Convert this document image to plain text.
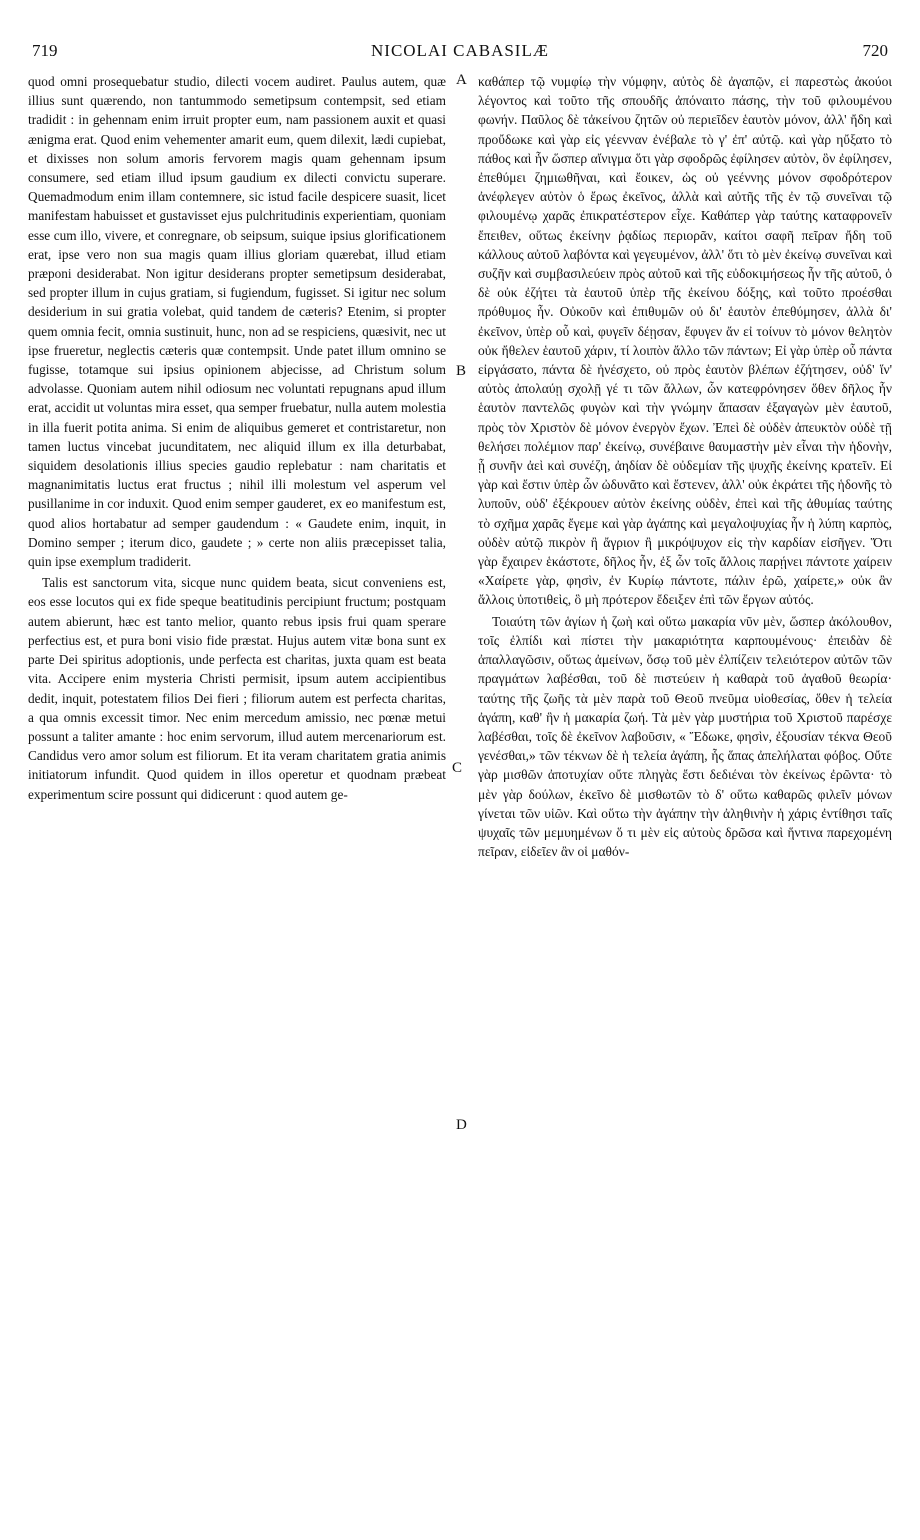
719	NICOLAI CABASILÆ	720

quod omni prosequebatur studio, dilecti vocem audiret. Paulus autem, quæ illius sunt quærendo, non tantummodo semetipsum contempsit, sed etiam tradidit : in gehennam enim irruit propter eum, nam passionem auxit et quasi ænigma erat. Quod enim vehementer amarit eum, quem dilexit, lædi cupiebat, et dixisses non solum amoris fervorem magis quam gehennam ipsum consumere, sed etiam illud ipsum gaudium ex dilecti convictu superare. Quemadmodum enim illam contemnere, sic istud facile despicere suasit, licet manifestam habuisset et gustavisset ejus pulchritudinis experientiam, quoniam esse cum illo, vivere, et conregnare, ob seipsum, suique ipsius glorificationem erat, ipse vero non sua magis quam illius gloriam quærebat, illud etiam præponi desiderabat. Non igitur desiderans propter semetipsum desiderabat, sed propter illum in cujus gratiam, si fugiendum, fugisset. Si igitur nec solum desiderium in sui gratia volebat, quid tandem de cæteris? Etenim, si propter quem omnia fecit, omnia sustinuit, hunc, non ad se respiciens, quæsivit, nec ut ipse frueretur, neglectis cæteris quæ contempsit. Unde patet illum omnino se fugisse, totamque sui ipsius opinionem abjecisse, ad Christum solum advolasse. Quoniam autem nihil odiosum nec voluntati repugnans apud illum erat, accidit ut voluntas mira esset, qua semper fruebatur, nulla autem molestia in illa fuerit potita anima. Si enim de aliquibus gemeret et contristaretur, non tamen luctus vincebat jucunditatem, nec aliquid illum ex illa deturbabat, siquidem desolationis illius species gaudio replebatur : nam charitatis et magnanimitatis luctus erat fructus ; nihil illi molestum vel asperum vel pusillanime in cor induxit. Quod enim semper gauderet, ex eo manifestum est, quod alios hortabatur ad semper gaudendum : « Gaudete enim, inquit, in Domino semper ; iterum dico, gaudete ; » certe non aliis præcepisset talia, quin ipse exemplum tradiderit.

Talis est sanctorum vita, sicque nunc quidem beata, sicut conveniens est, eos esse locutos qui ex fide speque beatitudinis percipiunt fructum; postquam autem abierunt, hæc est tanto melior, quanto rebus ipsis frui quam sperare perfectius est, et pura boni visio fide præstat. Hujus autem vitæ bona sunt ex parte Dei spiritus adoptionis, unde perfecta est charitas, juxta quam est beata vita. Accipere enim mysteria Christi permisit, ipsum autem accipientibus dedit, inquit, potestatem filios Dei fieri ; filiorum autem est perfecta charitas, a qua omnis excessit timor. Nec enim mercedum amissio, nec pœnæ metui possunt a taliter amante : hoc enim servorum, illud autem mercenariorum est. Candidus vero amor solum est filiorum. Et ita veram charitatem gratia animis initiatorum infundit. Quod quidem in illos operetur et quodnam præbeat experimentum scire possunt qui didicerunt : quod autem ge-

A
B
C
D

καθάπερ τῷ νυμφίῳ τὴν νύμφην, αὐτὸς δὲ ἀγαπῷν, εἰ παρεστὼς ἀκούοι λέγοντος καὶ τοῦτο τῆς σπουδῆς ἀπόναιτο πάσης, τὴν τοῦ φιλουμένου φωνήν. Παῦλος δὲ τἀκείνου ζητῶν οὐ περιεῖδεν ἑαυτὸν μόνον, ἀλλ' ἤδη καὶ προὔδωκε καὶ γὰρ εἰς γέενναν ἐνέβαλε τὸ γ' ἐπ' αὐτῷ. καὶ γὰρ ηὔξατο τὸ πάθος καὶ ἦν ὥσπερ αἴνιγμα ὅτι γὰρ σφοδρῶς ἐφίλησεν αὐτὸν, ὃν ἐφίλησεν, ἐπεθύμει ζημιωθῆναι, καὶ ἔοικεν, ὡς οὐ γεέννης μόνον σφοδρότερον ἀνέφλεγεν αὐτὸν ὁ ἔρως ἐκεῖνος, ἀλλὰ καὶ αὐτῆς τῆς ἐν τῷ συνεῖναι τῷ φιλουμένῳ χαρᾶς ἐπικρατέστερον εἶχε. Καθάπερ γὰρ ταύτης καταφρονεῖν ἔπειθεν, οὕτως ἐκείνην ῥᾳδίως περιορᾶν, καίτοι σαφῆ πεῖραν ἤδη τοῦ κάλλους αὐτοῦ λαβόντα καὶ γεγευμένον, ἀλλ' ὅτι τὸ μὲν ἐκείνῳ συνεῖναι καὶ συζῆν καὶ συμβασιλεύειν πρὸς αὐτοῦ καὶ τῆς εὐδοκιμήσεως ἦν τῆς αὐτοῦ, ὁ δὲ οὐκ ἐζήτει τὰ ἑαυτοῦ ὑπὲρ τῆς ἐκείνου δόξης, καὶ τοῦτο προέσθαι πρόθυμος ἦν. Οὐκοῦν καὶ ἐπιθυμῶν οὐ δι' ἑαυτὸν ἐπεθύμησεν, ἀλλὰ δι' ἐκεῖνον, ὑπὲρ οὗ καὶ, φυγεῖν δέῃσαν, ἔφυγεν ἄν εἰ τοίνυν τὸ μόνον θελητὸν οὐκ ἤθελεν ἑαυτοῦ χάριν, τί λοιπὸν ἄλλο τῶν πάντων; Εἰ γὰρ ὑπὲρ οὗ πάντα εἰργάσατο, πάντα δὲ ἠνέσχετο, οὐ πρὸς ἑαυτὸν βλέπων ἐζήτησεν, οὐδ' ἵν' αὐτὸς ἀπολαύῃ σχολῇ γέ τι τῶν ἄλλων, ὧν κατεφρόνησεν ὅθεν δῆλος ἦν ἑαυτὸν παντελῶς φυγὼν καὶ τὴν γνώμην ἅπασαν ἐξαγαγὼν μὲν ἑαυτοῦ, πρὸς τὸν Χριστὸν δὲ μόνον ἐνεργὸν ἔχων. Ἐπεὶ δὲ οὐδὲν ἀπευκτὸν οὐδὲ τῇ θελήσει πολέμιον παρ' ἐκείνῳ, συνέβαινε θαυμαστὴν μὲν εἶναι τὴν ἡδονὴν, ᾗ συνῆν ἀεὶ καὶ συνέζη, ἀηδίαν δὲ οὐδεμίαν τῆς ψυχῆς ἐκείνης κρατεῖν. Εἰ γὰρ καὶ ἔστιν ὑπὲρ ὧν ὠδυνᾶτο καὶ ἔστενεν, ἀλλ' οὐκ ἐκράτει τῆς ἡδονῆς τὸ λυποῦν, οὐδ' ἐξέκρουεν αὐτὸν ἐκείνης οὐδὲν, ἐπεὶ καὶ τῆς ἀθυμίας ταύτης τὸ σχῆμα χαρᾶς ἔγεμε καὶ γὰρ ἀγάπης καὶ μεγαλοψυχίας ἦν ἡ λύπη καρπὸς, οὐδὲν αὐτῷ πικρὸν ἢ ἄγριον ἢ μικρόψυχον εἰς τὴν καρδίαν εἰσῆγεν. Ὅτι γὰρ ἔχαιρεν ἑκάστοτε, δῆλος ἦν, ἐξ ὧν τοῖς ἄλλοις παρῄνει πάντοτε χαίρειν «Χαίρετε γὰρ, φησὶν, ἐν Κυρίῳ πάντοτε, πάλιν ἐρῶ, χαίρετε,» οὐκ ἂν ἄλλοις ὑποτιθεὶς, ὃ μὴ πρότερον ἔδειξεν ἐπὶ τῶν ἔργων αὐτός.

Τοιαύτη τῶν ἁγίων ἡ ζωὴ καὶ οὕτω μακαρία νῦν μὲν, ὥσπερ ἀκόλουθον, τοῖς ἐλπίδι καὶ πίστει τὴν μακαριότητα καρπουμένους· ἐπειδὰν δὲ ἀπαλλαγῶσιν, οὕτως ἀμείνων, ὅσῳ τοῦ μὲν ἐλπίζειν τελειότερον αὐτῶν τῶν πραγμάτων λαβέσθαι, τοῦ δὲ πιστεύειν ἡ καθαρὰ τοῦ ἀγαθοῦ θεωρία· ταύτης τῆς ζωῆς τὰ μὲν παρὰ τοῦ Θεοῦ πνεῦμα υἱοθεσίας, ὅθεν ἡ τελεία ἀγάπη, καθ' ἣν ἡ μακαρία ζωή. Τὰ μὲν γὰρ μυστήρια τοῦ Χριστοῦ παρέσχε λαβέσθαι, τοῖς δὲ ἐκεῖνον λαβοῦσιν, « Ἔδωκε, φησὶν, ἐξουσίαν τέκνα Θεοῦ γενέσθαι,» τῶν τέκνων δὲ ἡ τελεία ἀγάπη, ἧς ἅπας ἀπελήλαται φόβος. Οὔτε γὰρ μισθῶν ἀποτυχίαν οὔτε πληγὰς ἔστι δεδιέναι τὸν ἐκείνως ἐρῶντα· τὸ μὲν γὰρ δούλων, ἐκεῖνο δὲ μισθωτῶν τὸ δ' οὕτω καθαρῶς φιλεῖν μόνων γίνεται τῶν υἱῶν. Καὶ οὕτω τὴν ἀγάπην τὴν ἀληθινὴν ἡ χάρις ἐντίθησι ταῖς ψυχαῖς τῶν μεμυημένων ὅ τι μὲν εἰς αὐτοὺς δρῶσα καὶ ἥντινα παρεχομένη πεῖραν, εἰδεῖεν ἂν οἱ μαθόν-
